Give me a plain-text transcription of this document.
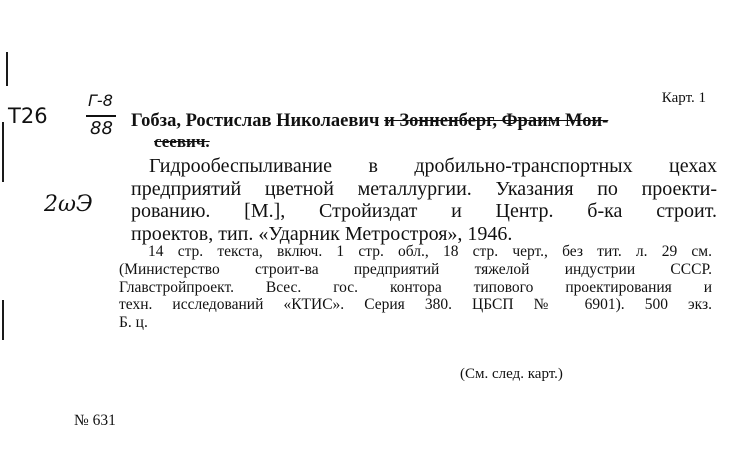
T26
Г-8
88
2ωЭ
Карт. 1
Гобза, Ростислав Николаевич и Зонненберг, Фраим Мои-
сеевич.
Гидрообеспыливание в дробильно-транспортных цехах
предприятий цветной металлургии. Указания по проекти-
рованию. [М.], Стройиздат и Центр. б-ка строит.
проектов, тип. «Ударник Метростроя», 1946.
14 стр. текста, включ. 1 стр. обл., 18 стр. черт., без тит. л. 29 см.
(Министерство строит-ва предприятий тяжелой индустрии СССР.
Главстройпроект. Всес. гос. контора типового проектирования и
техн. исследований «КТИС». Серия 380. ЦБСП № 6901). 500 экз.
Б. ц.
(См. след. карт.)
№ 631
